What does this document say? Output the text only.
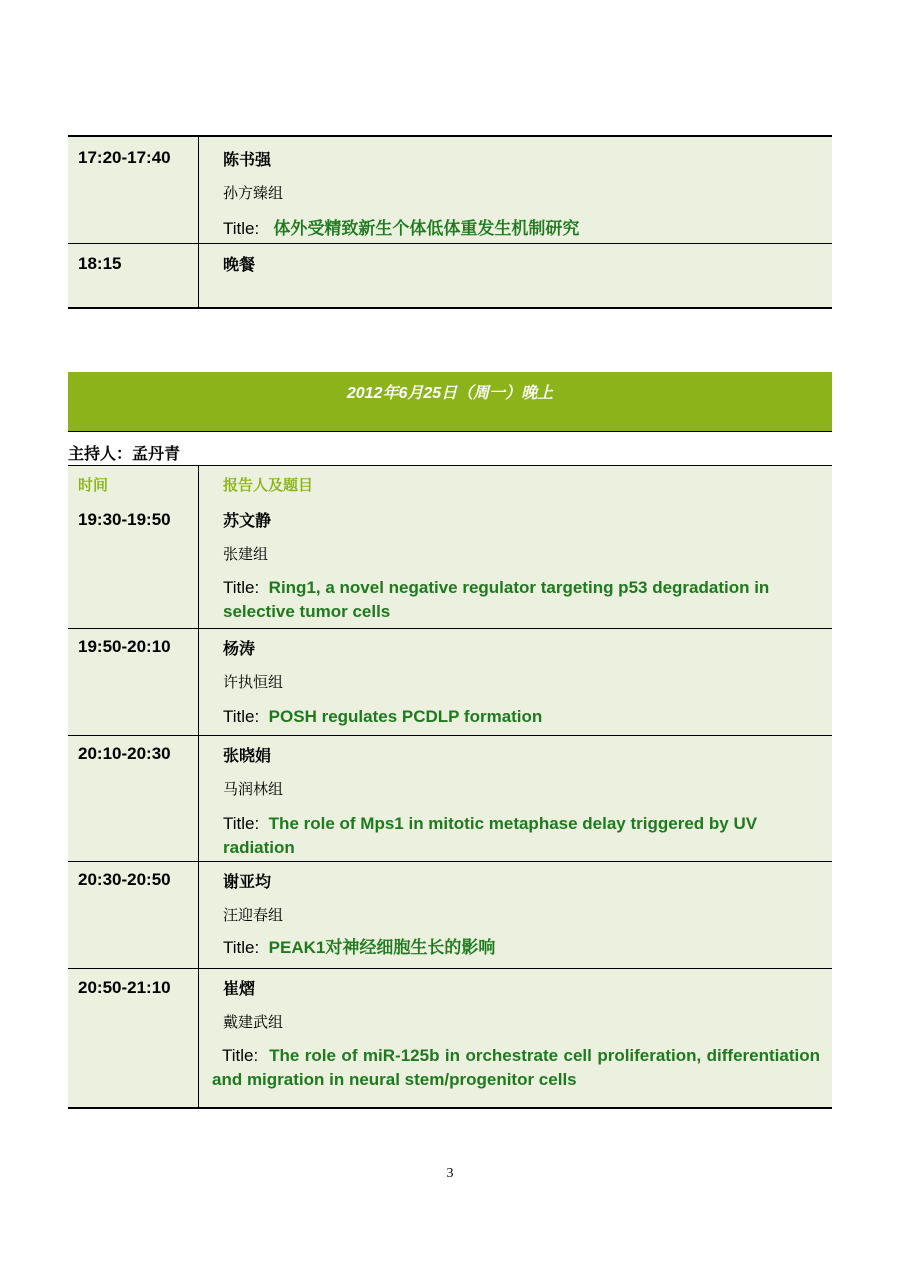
17:20-17:40	陈书强
孙方臻组
Title: 体外受精致新生个体低体重发生机制研究
18:15	晚餐
2012年6月25日（周一）晚上
主持人：孟丹青
时间	报告人及题目
19:30-19:50	苏文静
张建组
Title: Ring1, a novel negative regulator targeting p53 degradation in selective tumor cells
19:50-20:10	杨涛
许执恒组
Title: POSH regulates PCDLP formation
20:10-20:30	张晓娟
马润林组
Title: The role of Mps1 in mitotic metaphase delay triggered by UV radiation
20:30-20:50	谢亚均
汪迎春组
Title: PEAK1对神经细胞生长的影响
20:50-21:10	崔熠
戴建武组
Title: The role of miR-125b in orchestrate cell proliferation, differentiation and migration in neural stem/progenitor cells
3
